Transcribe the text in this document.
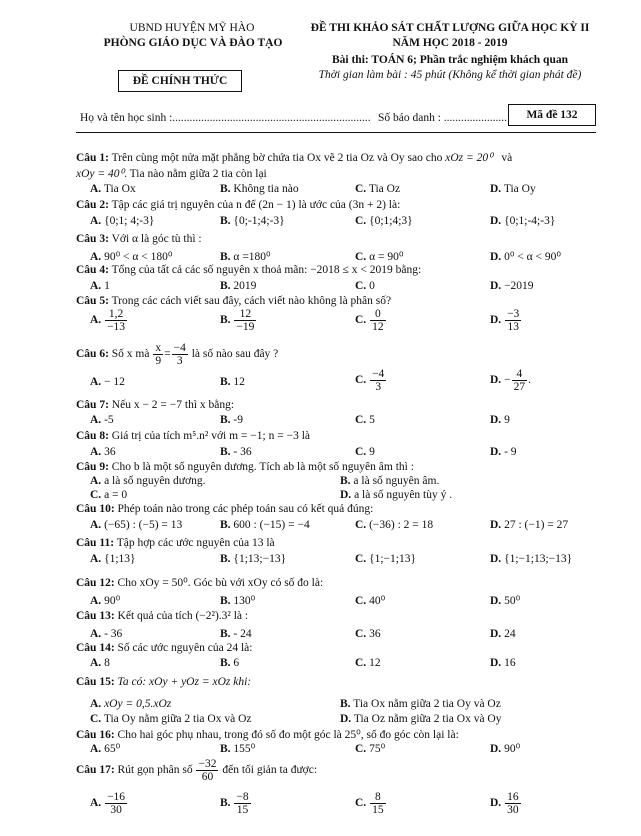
UBND HUYỆN MỸ HÀO
PHÒNG GIÁO DỤC VÀ ĐÀO TẠO
ĐỀ CHÍNH THỨC
ĐỀ THI KHẢO SÁT CHẤT LƯỢNG GIỮA HỌC KỲ II
NĂM HỌC 2018 - 2019
Bài thi: TOÁN 6; Phần trắc nghiệm khách quan
Thời gian làm bài : 45 phút (Không kể thời gian phát đề)
Họ và tên học sinh :..................................................................... Số báo danh : ......................	Mã đề 132
Câu 1: Trên cùng một nửa mặt phẳng bờ chứa tia Ox vẽ 2 tia Oz và Oy sao cho xOz = 20⁰ và
xOy = 40⁰. Tia nào nằm giữa 2 tia còn lại
A. Tia Ox	B. Không tia nào	C. Tia Oz	D. Tia Oy
Câu 2: Tập các giá trị nguyên của n để (2n − 1) là ước của (3n + 2) là:
A. {0;1; 4;-3}	B. {0;-1;4;-3}	C. {0;1;4;3}	D. {0;1;-4;-3}
Câu 3: Với α là góc tù thì :
A. 90⁰ < α < 180⁰	B. α =180⁰	C. α = 90⁰	D. 0⁰ < α < 90⁰
Câu 4: Tổng của tất cả các số nguyên x thoả mãn: −2018 ≤ x < 2019 bằng:
A. 1	B. 2019	C. 0	D. −2019
Câu 5: Trong các cách viết sau đây, cách viết nào không là phân số?
A. $\frac{1,2}{-13}$	B. $\frac{12}{-19}$	C. $\frac{0}{12}$	D. $\frac{-3}{13}$
Câu 6: Số x mà $\frac{x}{9} = \frac{-4}{3}$ là số nào sau đây ?
A. − 12	B. 12	C. $\frac{-4}{3}$	D. − $\frac{4}{27}$ .
Câu 7: Nếu x − 2 = −7 thì x bằng:
A. -5	B. -9	C. 5	D. 9
Câu 8: Giá trị của tích m⁵.n² với m = −1; n = −3 là
A. 36	B. - 36	C. 9	D. - 9
Câu 9: Cho b là một số nguyên dương. Tích ab là một số nguyên âm thì :
A. a là số nguyên dương.	B. a là số nguyên âm.
C. a = 0	D. a là số nguyên tùy ý .
Câu 10: Phép toán nào trong các phép toán sau có kết quả đúng:
A. (−65) : (−5) = 13	B. 600 : (−15) = −4	C. (−36) : 2 = 18	D. 27 : (−1) = 27
Câu 11: Tập hợp các ước nguyên của 13 là
A. {1;13}	B. {1;13;−13}	C. {1;−1;13}	D. {1;−1;13;−13}
Câu 12: Cho xOy = 50⁰. Góc bù với xOy có số đo là:
A. 90⁰	B. 130⁰	C. 40⁰	D. 50⁰
Câu 13: Kết quả của tích (−2²).3² là :
A. - 36	B. - 24	C. 36	D. 24
Câu 14: Số các ước nguyên của 24 là:
A. 8	B. 6	C. 12	D. 16
Câu 15: Ta có: xOy + yOz = xOz khi:
A. xOy = 0,5.xOz	B. Tia Ox nằm giữa 2 tia Oy và Oz
C. Tia Oy nằm giữa 2 tia Ox và Oz	D. Tia Oz nằm giữa 2 tia Ox và Oy
Câu 16: Cho hai góc phụ nhau, trong đó số đo một góc là 25⁰, số đo góc còn lại là:
A. 65⁰	B. 155⁰	C. 75⁰	D. 90⁰
Câu 17: Rút gọn phân số $\frac{-32}{60}$ đến tối giản ta được:
A. $\frac{-16}{30}$	B. $\frac{-8}{15}$	C. $\frac{8}{15}$	D. $\frac{16}{30}$
